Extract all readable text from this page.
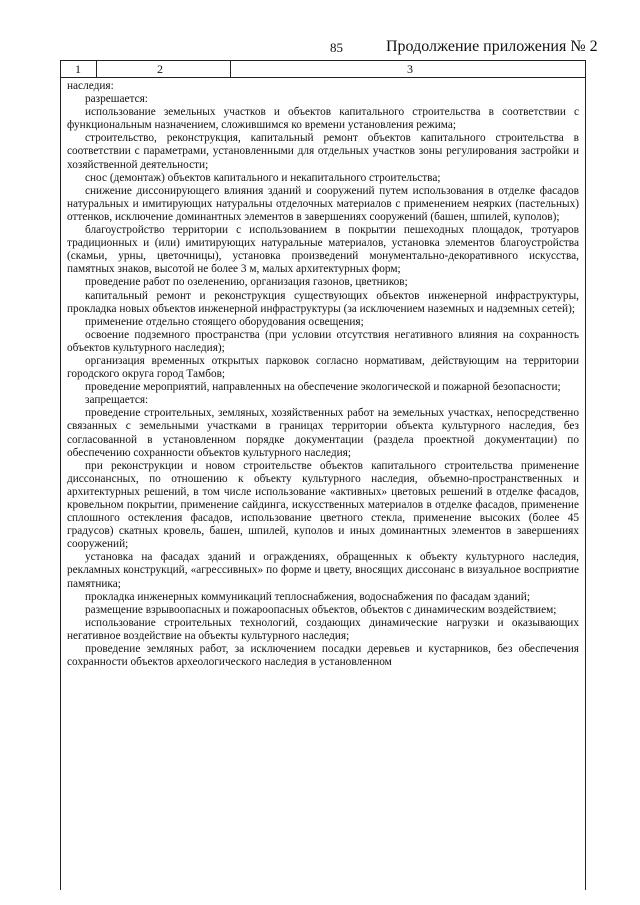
85	Продолжение приложения № 2
1	2	3

наследия:

разрешается:

использование земельных участков и объектов капитального строительства в соответствии с функциональным назначением, сложившимся ко времени установления режима;

строительство, реконструкция, капитальный ремонт объектов капитального строительства в соответствии с параметрами, установленными для отдельных участков зоны регулирования застройки и хозяйственной деятельности;

снос (демонтаж) объектов капитального и некапитального строительства;

снижение диссонирующего влияния зданий и сооружений путем использования в отделке фасадов натуральных и имитирующих натуральны отделочных материалов с применением неярких (пастельных) оттенков, исключение доминантных элементов в завершениях сооружений (башен, шпилей, куполов);

благоустройство территории с использованием в покрытии пешеходных площадок, тротуаров традиционных и (или) имитирующих натуральные материалов, установка элементов благоустройства (скамьи, урны, цветочницы), установка произведений монументально-декоративного искусства, памятных знаков, высотой не более 3 м, малых архитектурных форм;

проведение работ по озеленению, организация газонов, цветников;

капитальный ремонт и реконструкция существующих объектов инженерной инфраструктуры, прокладка новых объектов инженерной инфраструктуры (за исключением наземных и надземных сетей);

применение отдельно стоящего оборудования освещения;

освоение подземного пространства (при условии отсутствия негативного влияния на сохранность объектов культурного наследия);

организация временных открытых парковок согласно нормативам, действующим на территории городского округа город Тамбов;

проведение мероприятий, направленных на обеспечение экологической и пожарной безопасности;

запрещается:

проведение строительных, земляных, хозяйственных работ на земельных участках, непосредственно связанных с земельными участками в границах территории объекта культурного наследия, без согласованной в установленном порядке документации (раздела проектной документации) по обеспечению сохранности объектов культурного наследия;

при реконструкции и новом строительстве объектов капитального строительства применение диссонансных, по отношению к объекту культурного наследия, объемно-пространственных и архитектурных решений, в том числе использование «активных» цветовых решений в отделке фасадов, кровельном покрытии, применение сайдинга, искусственных материалов в отделке фасадов, применение сплошного остекления фасадов, использование цветного стекла, применение высоких (более 45 градусов) скатных кровель, башен, шпилей, куполов и иных доминантных элементов в завершениях сооружений;

установка на фасадах зданий и ограждениях, обращенных к объекту культурного наследия, рекламных конструкций, «агрессивных» по форме и цвету, вносящих диссонанс в визуальное восприятие памятника;

прокладка инженерных коммуникаций теплоснабжения, водоснабжения по фасадам зданий;

размещение взрывоопасных и пожароопасных объектов, объектов с динамическим воздействием;

использование строительных технологий, создающих динамические нагрузки и оказывающих негативное воздействие на объекты культурного наследия;

проведение земляных работ, за исключением посадки деревьев и кустарников, без обеспечения сохранности объектов археологического наследия в установленном
